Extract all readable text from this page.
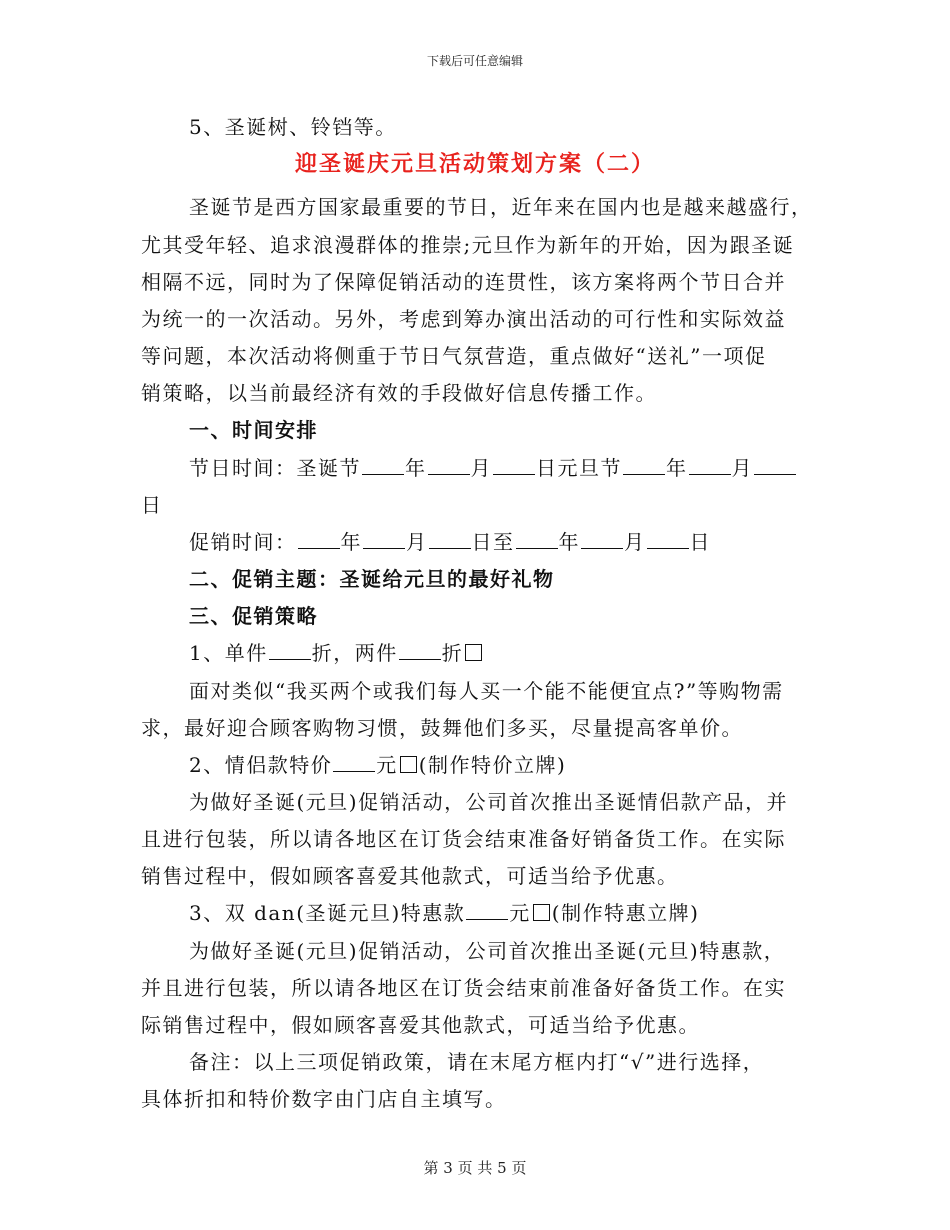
下载后可任意编辑
5、圣诞树、铃铛等。
迎圣诞庆元旦活动策划方案（二）
圣诞节是西方国家最重要的节日，近年来在国内也是越来越盛行，
尤其受年轻、追求浪漫群体的推崇;元旦作为新年的开始，因为跟圣诞
相隔不远，同时为了保障促销活动的连贯性，该方案将两个节日合并
为统一的一次活动。另外，考虑到筹办演出活动的可行性和实际效益
等问题，本次活动将侧重于节日气氛营造，重点做好“送礼”一项促
销策略，以当前最经济有效的手段做好信息传播工作。
一、时间安排
节日时间：圣诞节 年 月 日元旦节 年 月
日
促销时间： 年 月 日至 年 月 日
二、促销主题：圣诞给元旦的最好礼物
三、促销策略
1、单件 折，两件 折
面对类似“我买两个或我们每人买一个能不能便宜点?”等购物需
求，最好迎合顾客购物习惯，鼓舞他们多买，尽量提高客单价。
2、情侣款特价 元 (制作特价立牌)
为做好圣诞(元旦)促销活动，公司首次推出圣诞情侣款产品，并
且进行包装，所以请各地区在订货会结束准备好销备货工作。在实际
销售过程中，假如顾客喜爱其他款式，可适当给予优惠。
3、双 dan(圣诞元旦)特惠款 元 (制作特惠立牌)
为做好圣诞(元旦)促销活动，公司首次推出圣诞(元旦)特惠款，
并且进行包装，所以请各地区在订货会结束前准备好备货工作。在实
际销售过程中，假如顾客喜爱其他款式，可适当给予优惠。
备注：以上三项促销政策，请在末尾方框内打“√”进行选择，
具体折扣和特价数字由门店自主填写。
第 3 页 共 5 页
